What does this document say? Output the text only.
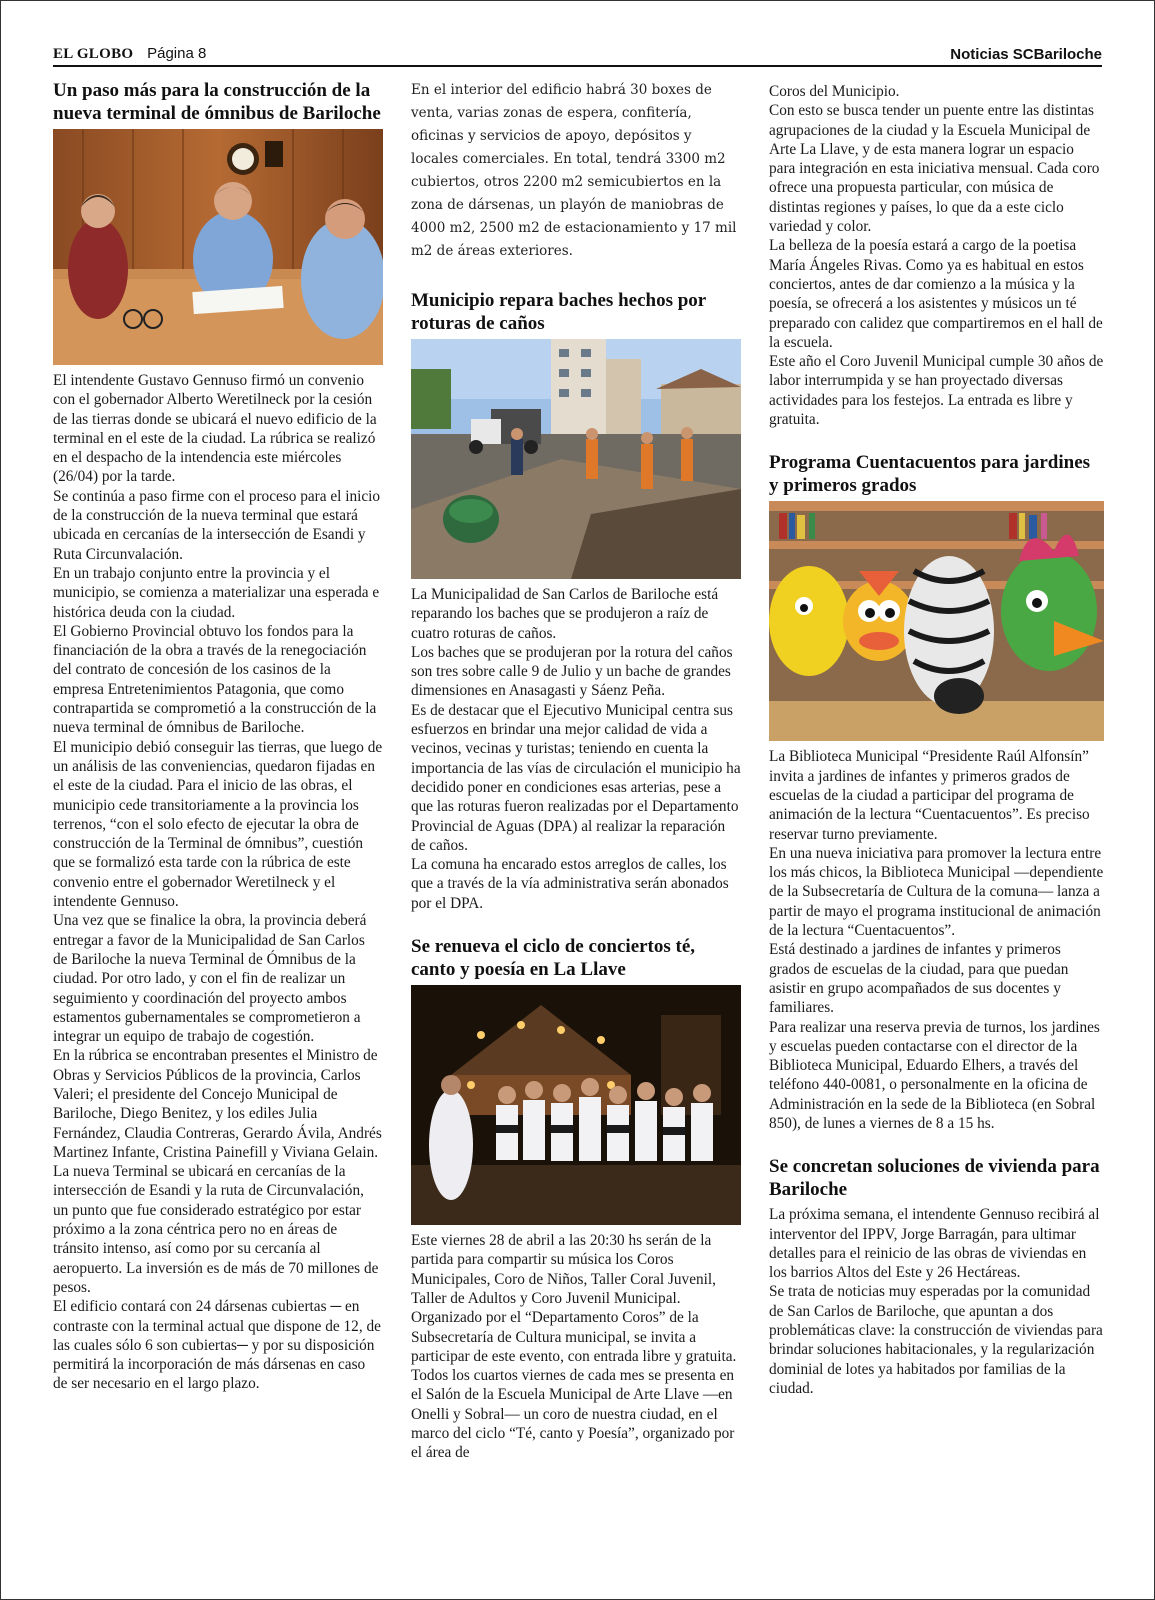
EL GLOBO Página 8	Noticias SCBariloche
Un paso más para la construcción de la nueva terminal de ómnibus de Bariloche

El intendente Gustavo Gennuso firmó un convenio con el gobernador Alberto Weretilneck por la cesión de las tierras donde se ubicará el nuevo edificio de la terminal en el este de la ciudad. La rúbrica se realizó en el despacho de la intendencia este miércoles (26/04) por la tarde.

Se continúa a paso firme con el proceso para el inicio de la construcción de la nueva terminal que estará ubicada en cercanías de la intersección de Esandi y Ruta Circunvalación.

En un trabajo conjunto entre la provincia y el municipio, se comienza a materializar una esperada e histórica deuda con la ciudad.

El Gobierno Provincial obtuvo los fondos para la financiación de la obra a través de la renegociación del contrato de concesión de los casinos de la empresa Entretenimientos Patagonia, que como contrapartida se comprometió a la construcción de la nueva terminal de ómnibus de Bariloche.

El municipio debió conseguir las tierras, que luego de un análisis de las conveniencias, quedaron fijadas en el este de la ciudad. Para el inicio de las obras, el municipio cede transitoriamente a la provincia los terrenos, “con el solo efecto de ejecutar la obra de construcción de la Terminal de ómnibus”, cuestión que se formalizó esta tarde con la rúbrica de este convenio entre el gobernador Weretilneck y el intendente Gennuso.

Una vez que se finalice la obra, la provincia deberá entregar a favor de la Municipalidad de San Carlos de Bariloche la nueva Terminal de Ómnibus de la ciudad. Por otro lado, y con el fin de realizar un seguimiento y coordinación del proyecto ambos estamentos gubernamentales se comprometieron a integrar un equipo de trabajo de cogestión.

En la rúbrica se encontraban presentes el Ministro de Obras y Servicios Públicos de la provincia, Carlos Valeri; el presidente del Concejo Municipal de Bariloche, Diego Benitez, y los ediles Julia Fernández, Claudia Contreras, Gerardo Ávila, Andrés Martinez Infante, Cristina Painefill y Viviana Gelain.

La nueva Terminal se ubicará en cercanías de la intersección de Esandi y la ruta de Circunvalación, un punto que fue considerado estratégico por estar próximo a la zona céntrica pero no en áreas de tránsito intenso, así como por su cercanía al aeropuerto. La inversión es de más de 70 millones de pesos.

El edificio contará con 24 dársenas cubiertas ─ en contraste con la terminal actual que dispone de 12, de las cuales sólo 6 son cubiertas─ y por su disposición permitirá la incorporación de más dársenas en caso de ser necesario en el largo plazo.

En el interior del edificio habrá 30 boxes de venta, varias zonas de espera, confitería, oficinas y servicios de apoyo, depósitos y locales comerciales. En total, tendrá 3300 m2 cubiertos, otros 2200 m2 semicubiertos en la zona de dársenas, un playón de maniobras de 4000 m2, 2500 m2 de estacionamiento y 17 mil m2 de áreas exteriores.

Municipio repara baches hechos por roturas de caños

La Municipalidad de San Carlos de Bariloche está reparando los baches que se produjeron a raíz de cuatro roturas de caños.

Los baches que se produjeran por la rotura del caños son tres sobre calle 9 de Julio y un bache de grandes dimensiones en Anasagasti y Sáenz Peña.

Es de destacar que el Ejecutivo Municipal centra sus esfuerzos en brindar una mejor calidad de vida a vecinos, vecinas y turistas; teniendo en cuenta la importancia de las vías de circulación el municipio ha decidido poner en condiciones esas arterias, pese a que las roturas fueron realizadas por el Departamento Provincial de Aguas (DPA) al realizar la reparación de caños.

La comuna ha encarado estos arreglos de calles, los que a través de la vía administrativa serán abonados por el DPA.

Se renueva el ciclo de conciertos té, canto y poesía en La Llave

Este viernes 28 de abril a las 20:30 hs serán de la partida para compartir su música los Coros Municipales, Coro de Niños, Taller Coral Juvenil, Taller de Adultos y Coro Juvenil Municipal. Organizado por el “Departamento Coros” de la Subsecretaría de Cultura municipal, se invita a participar de este evento, con entrada libre y gratuita.

Todos los cuartos viernes de cada mes se presenta en el Salón de la Escuela Municipal de Arte Llave —en Onelli y Sobral— un coro de nuestra ciudad, en el marco del ciclo “Té, canto y Poesía”, organizado por el área de

Coros del Municipio.

Con esto se busca tender un puente entre las distintas agrupaciones de la ciudad y la Escuela Municipal de Arte La Llave, y de esta manera lograr un espacio para integración en esta iniciativa mensual. Cada coro ofrece una propuesta particular, con música de distintas regiones y países, lo que da a este ciclo variedad y color.

La belleza de la poesía estará a cargo de la poetisa María Ángeles Rivas. Como ya es habitual en estos conciertos, antes de dar comienzo a la música y la poesía, se ofrecerá a los asistentes y músicos un té preparado con calidez que compartiremos en el hall de la escuela.

Este año el Coro Juvenil Municipal cumple 30 años de labor interrumpida y se han proyectado diversas actividades para los festejos. La entrada es libre y gratuita.

Programa Cuentacuentos para jardines y primeros grados

La Biblioteca Municipal “Presidente Raúl Alfonsín” invita a jardines de infantes y primeros grados de escuelas de la ciudad a participar del programa de animación de la lectura “Cuentacuentos”. Es preciso reservar turno previamente.

En una nueva iniciativa para promover la lectura entre los más chicos, la Biblioteca Municipal —dependiente de la Subsecretaría de Cultura de la comuna— lanza a partir de mayo el programa institucional de animación de la lectura “Cuentacuentos”.

Está destinado a jardines de infantes y primeros grados de escuelas de la ciudad, para que puedan asistir en grupo acompañados de sus docentes y familiares.

Para realizar una reserva previa de turnos, los jardines y escuelas pueden contactarse con el director de la Biblioteca Municipal, Eduardo Elhers, a través del teléfono 440-0081, o personalmente en la oficina de Administración en la sede de la Biblioteca (en Sobral 850), de lunes a viernes de 8 a 15 hs.

Se concretan soluciones de vivienda para Bariloche

La próxima semana, el intendente Gennuso recibirá al interventor del IPPV, Jorge Barragán, para ultimar detalles para el reinicio de las obras de viviendas en los barrios Altos del Este y 26 Hectáreas.

Se trata de noticias muy esperadas por la comunidad de San Carlos de Bariloche, que apuntan a dos problemáticas clave: la construcción de viviendas para brindar soluciones habitacionales, y la regularización dominial de lotes ya habitados por familias de la ciudad.
